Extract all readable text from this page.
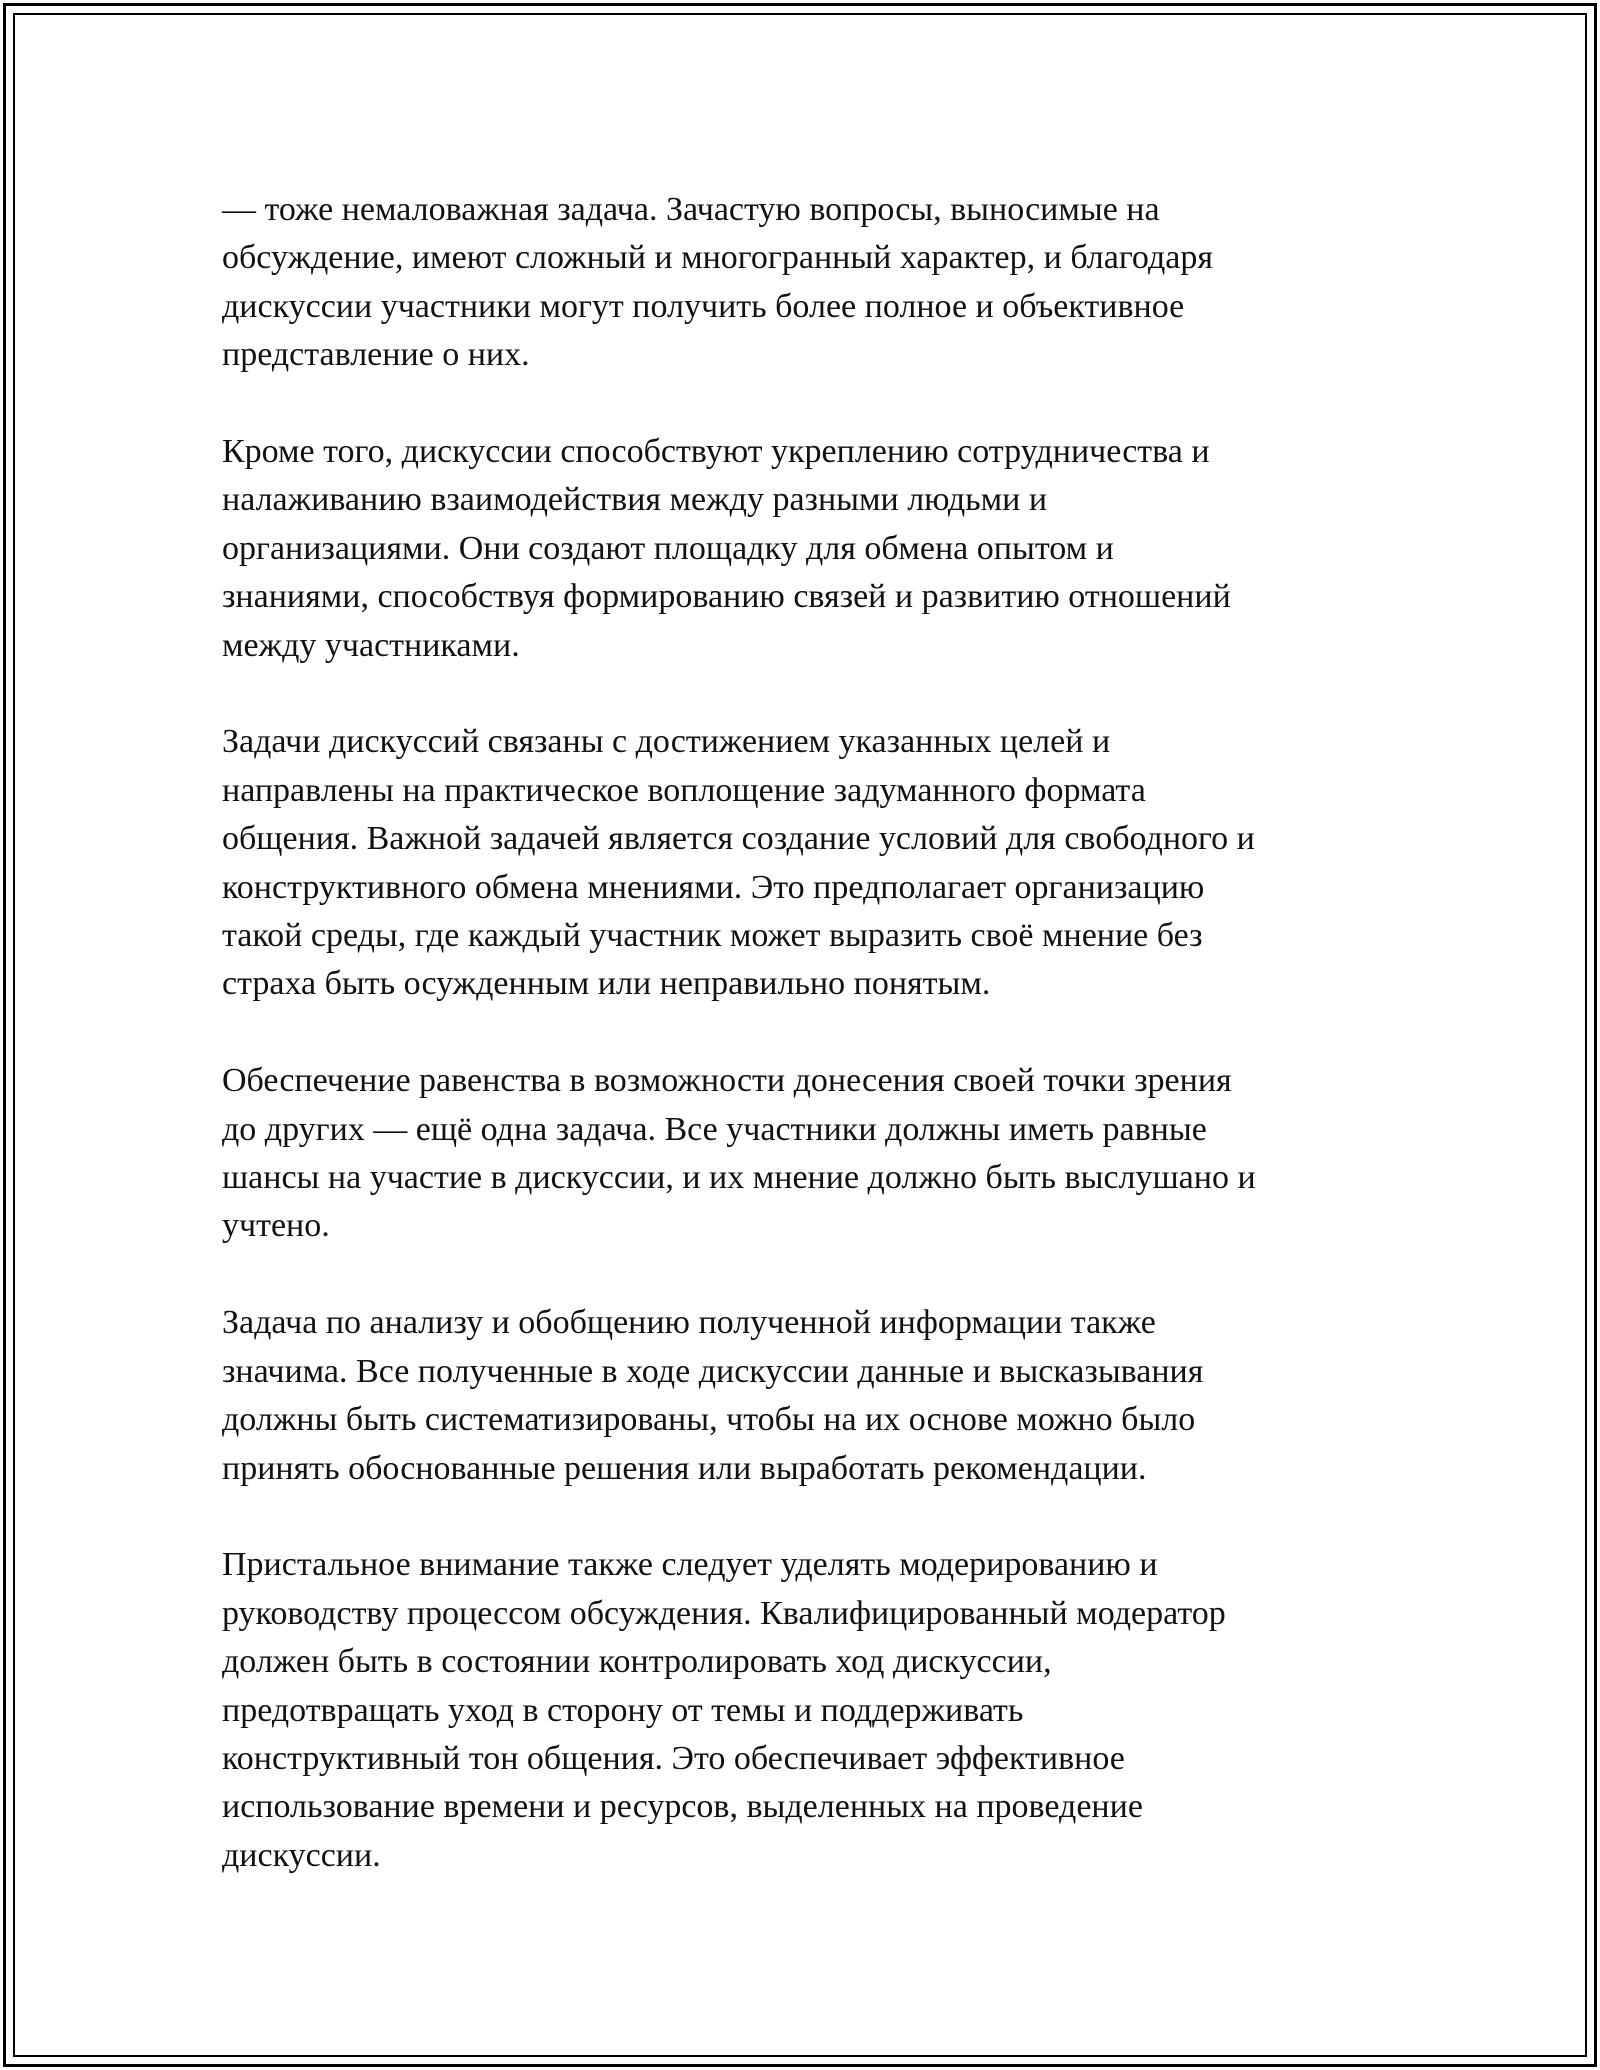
— тоже немаловажная задача. Зачастую вопросы, выносимые на
обсуждение, имеют сложный и многогранный характер, и благодаря
дискуссии участники могут получить более полное и объективное
представление о них.

Кроме того, дискуссии способствуют укреплению сотрудничества и
налаживанию взаимодействия между разными людьми и
организациями. Они создают площадку для обмена опытом и
знаниями, способствуя формированию связей и развитию отношений
между участниками.

Задачи дискуссий связаны с достижением указанных целей и
направлены на практическое воплощение задуманного формата
общения. Важной задачей является создание условий для свободного и
конструктивного обмена мнениями. Это предполагает организацию
такой среды, где каждый участник может выразить своё мнение без
страха быть осужденным или неправильно понятым.

Обеспечение равенства в возможности донесения своей точки зрения
до других — ещё одна задача. Все участники должны иметь равные
шансы на участие в дискуссии, и их мнение должно быть выслушано и
учтено.

Задача по анализу и обобщению полученной информации также
значима. Все полученные в ходе дискуссии данные и высказывания
должны быть систематизированы, чтобы на их основе можно было
принять обоснованные решения или выработать рекомендации.

Пристальное внимание также следует уделять модерированию и
руководству процессом обсуждения. Квалифицированный модератор
должен быть в состоянии контролировать ход дискуссии,
предотвращать уход в сторону от темы и поддерживать
конструктивный тон общения. Это обеспечивает эффективное
использование времени и ресурсов, выделенных на проведение
дискуссии.
